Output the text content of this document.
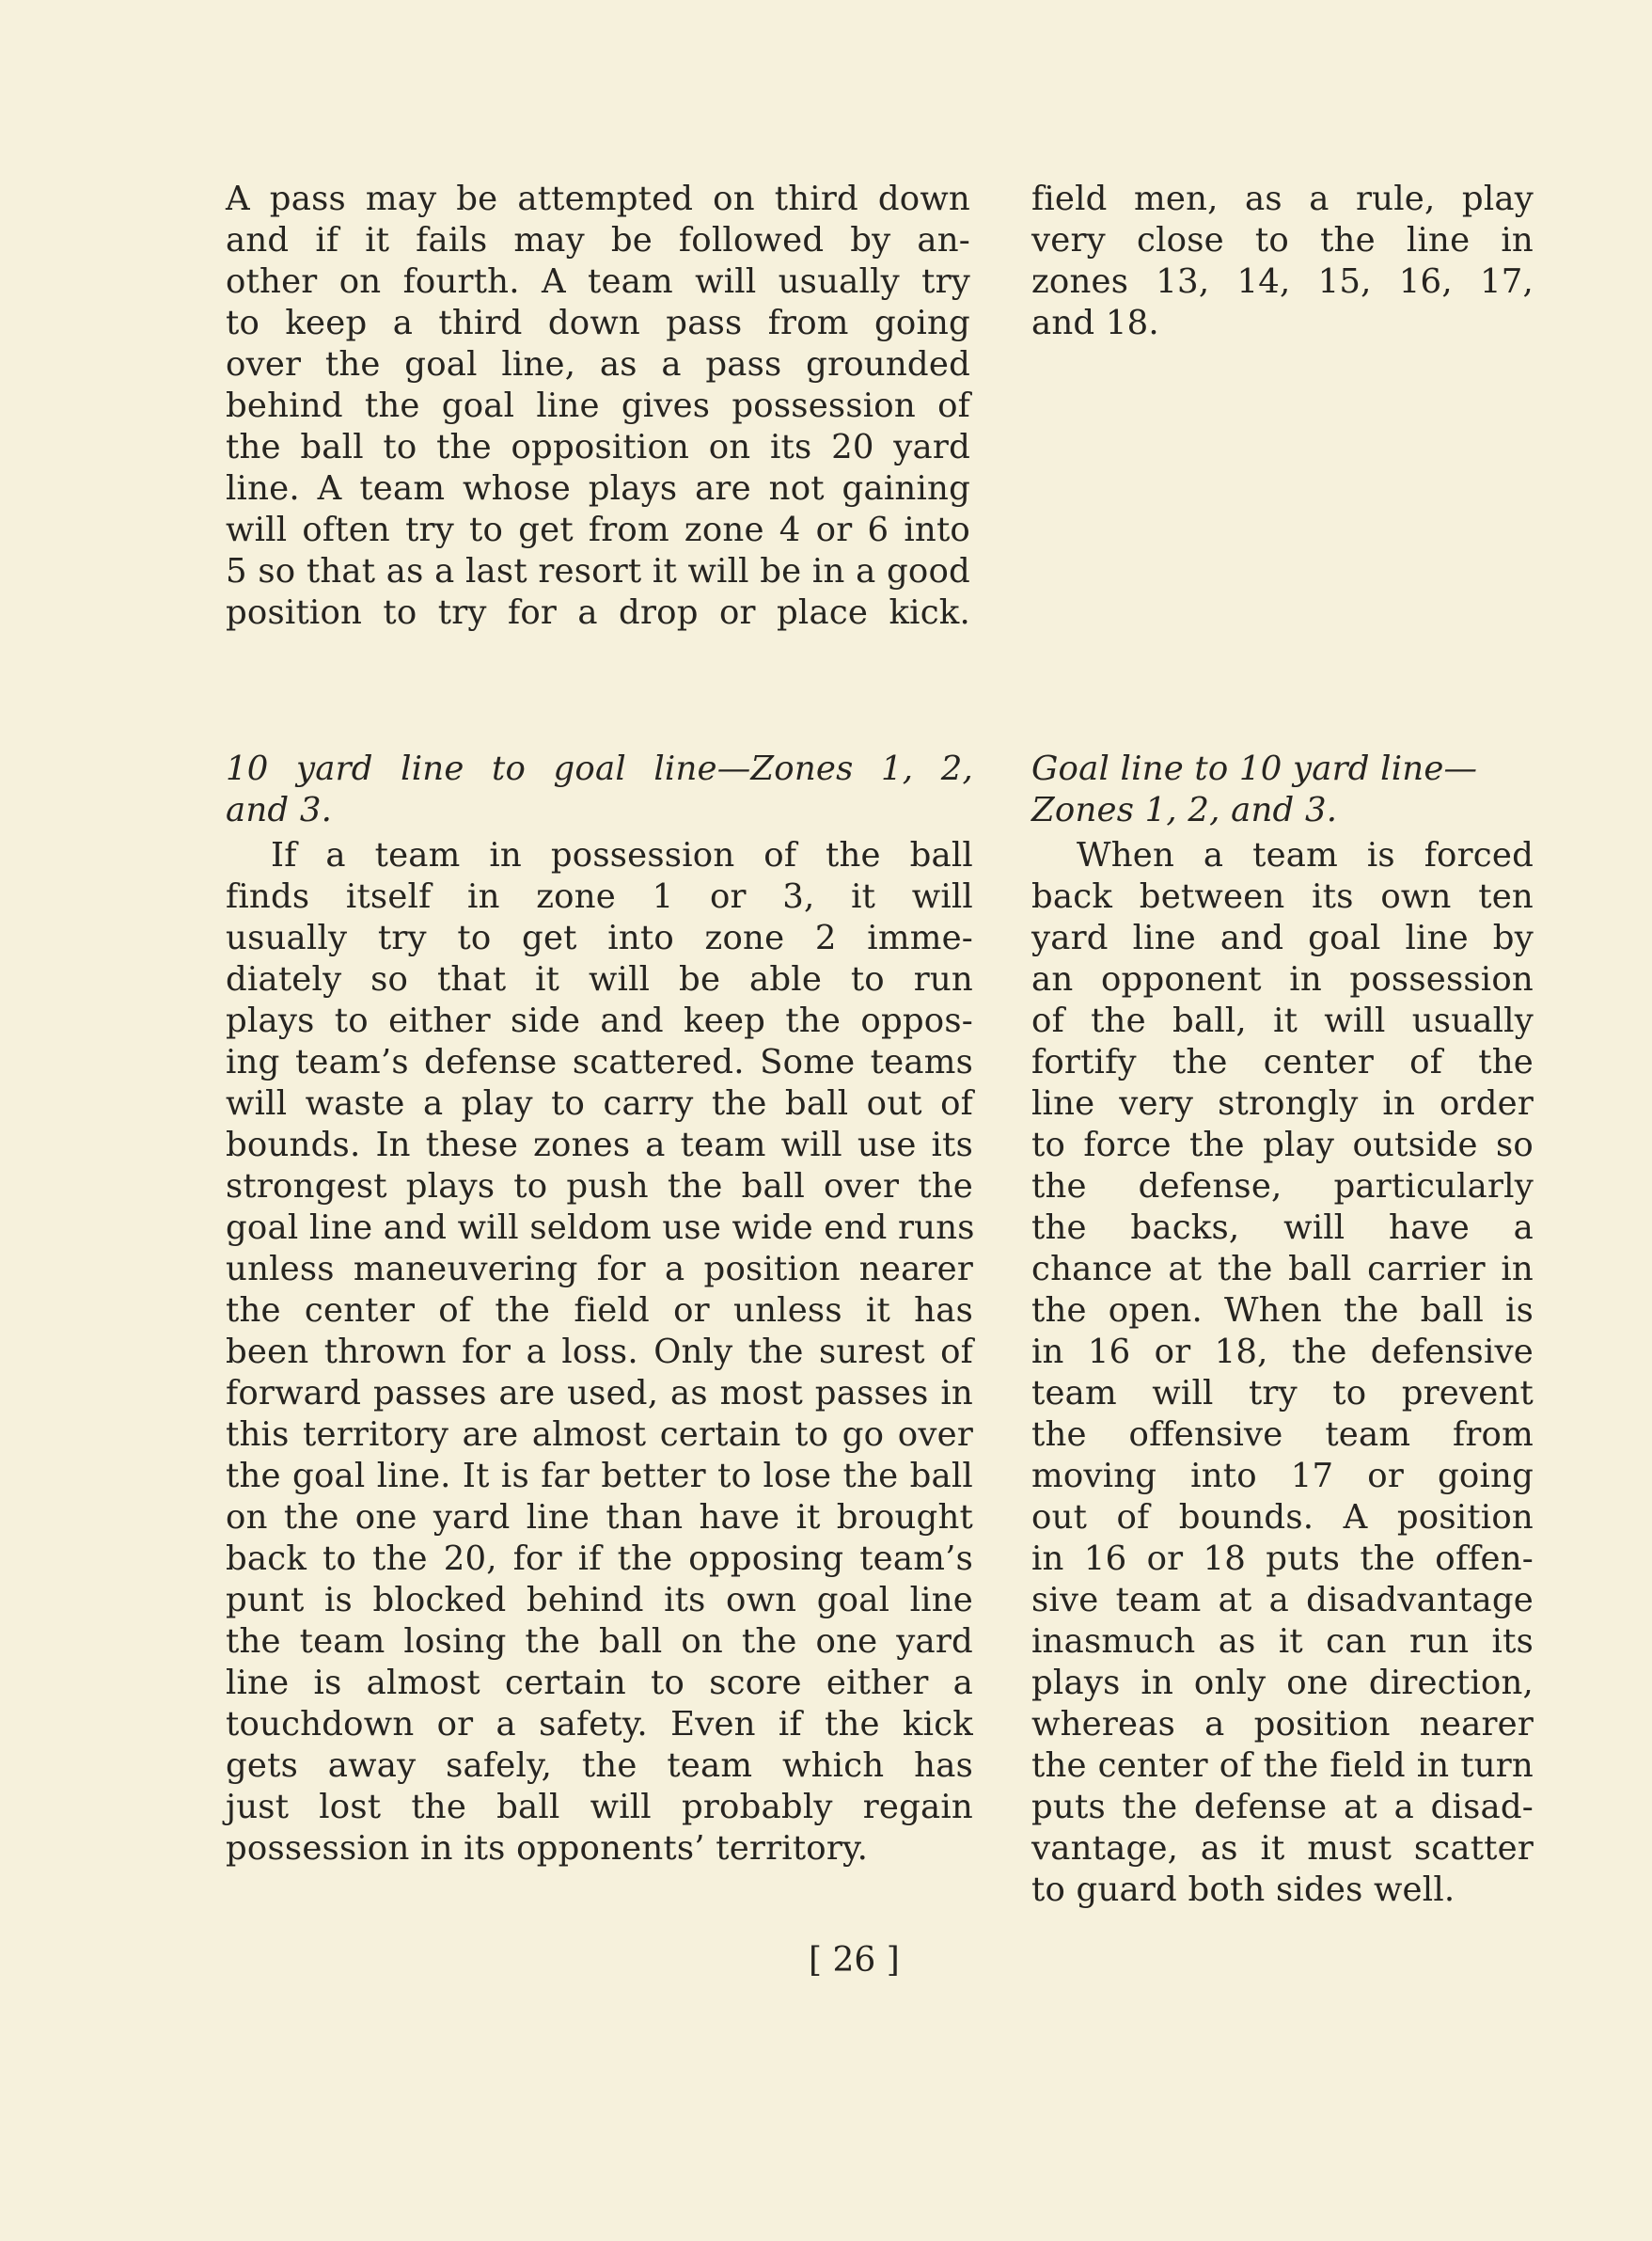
A pass may be attempted on third down
and if it fails may be followed by an-
other on fourth. A team will usually try
to keep a third down pass from going
over the goal line, as a pass grounded
behind the goal line gives possession of
the ball to the opposition on its 20 yard
line. A team whose plays are not gaining
will often try to get from zone 4 or 6 into
5 so that as a last resort it will be in a good
position to try for a drop or place kick.
field men, as a rule, play
very close to the line in
zones 13, 14, 15, 16, 17,
and 18.
10 yard line to goal line—Zones 1, 2,
and 3.
If a team in possession of the ball
finds itself in zone 1 or 3, it will
usually try to get into zone 2 imme-
diately so that it will be able to run
plays to either side and keep the oppos-
ing team’s defense scattered. Some teams
will waste a play to carry the ball out of
bounds. In these zones a team will use its
strongest plays to push the ball over the
goal line and will seldom use wide end runs
unless maneuvering for a position nearer
the center of the field or unless it has
been thrown for a loss. Only the surest of
forward passes are used, as most passes in
this territory are almost certain to go over
the goal line. It is far better to lose the ball
on the one yard line than have it brought
back to the 20, for if the opposing team’s
punt is blocked behind its own goal line
the team losing the ball on the one yard
line is almost certain to score either a
touchdown or a safety. Even if the kick
gets away safely, the team which has
just lost the ball will probably regain
possession in its opponents’ territory.
Goal line to 10 yard line—
Zones 1, 2, and 3.
When a team is forced
back between its own ten
yard line and goal line by
an opponent in possession
of the ball, it will usually
fortify the center of the
line very strongly in order
to force the play outside so
the defense, particularly
the backs, will have a
chance at the ball carrier in
the open. When the ball is
in 16 or 18, the defensive
team will try to prevent
the offensive team from
moving into 17 or going
out of bounds. A position
in 16 or 18 puts the offen-
sive team at a disadvantage
inasmuch as it can run its
plays in only one direction,
whereas a position nearer
the center of the field in turn
puts the defense at a disad-
vantage, as it must scatter
to guard both sides well.
[ 26 ]
